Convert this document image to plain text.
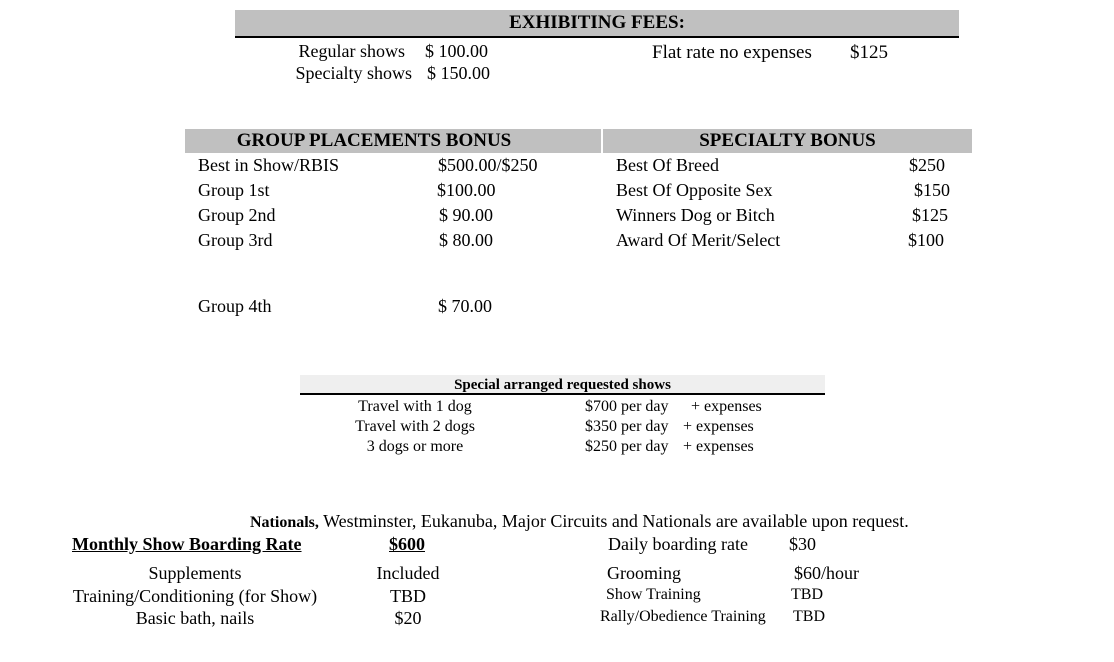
EXHIBITING FEES:
Regular shows $ 100.00
Specialty shows $ 150.00
Flat rate no expenses $125
GROUP PLACEMENTS BONUS	SPECIALTY BONUS
Best in Show/RBIS	$500.00/$250
Group 1st	$100.00
Group 2nd	$ 90.00
Group 3rd	$ 80.00
Group 4th	$ 70.00
Best Of Breed	$250
Best Of Opposite Sex	$150
Winners Dog or Bitch	$125
Award Of Merit/Select	$100
Special arranged requested shows
Travel with 1 dog	$700 per day + expenses
Travel with 2 dogs	$350 per day + expenses
3 dogs or more	$250 per day + expenses
Nationals, Westminster, Eukanuba, Major Circuits and Nationals are available upon request.
Monthly Show Boarding Rate	$600	Daily boarding rate $30
Supplements	Included
Training/Conditioning (for Show)	TBD
Basic bath, nails	$20
Grooming	$60/hour
Show Training	TBD
Rally/Obedience Training TBD
